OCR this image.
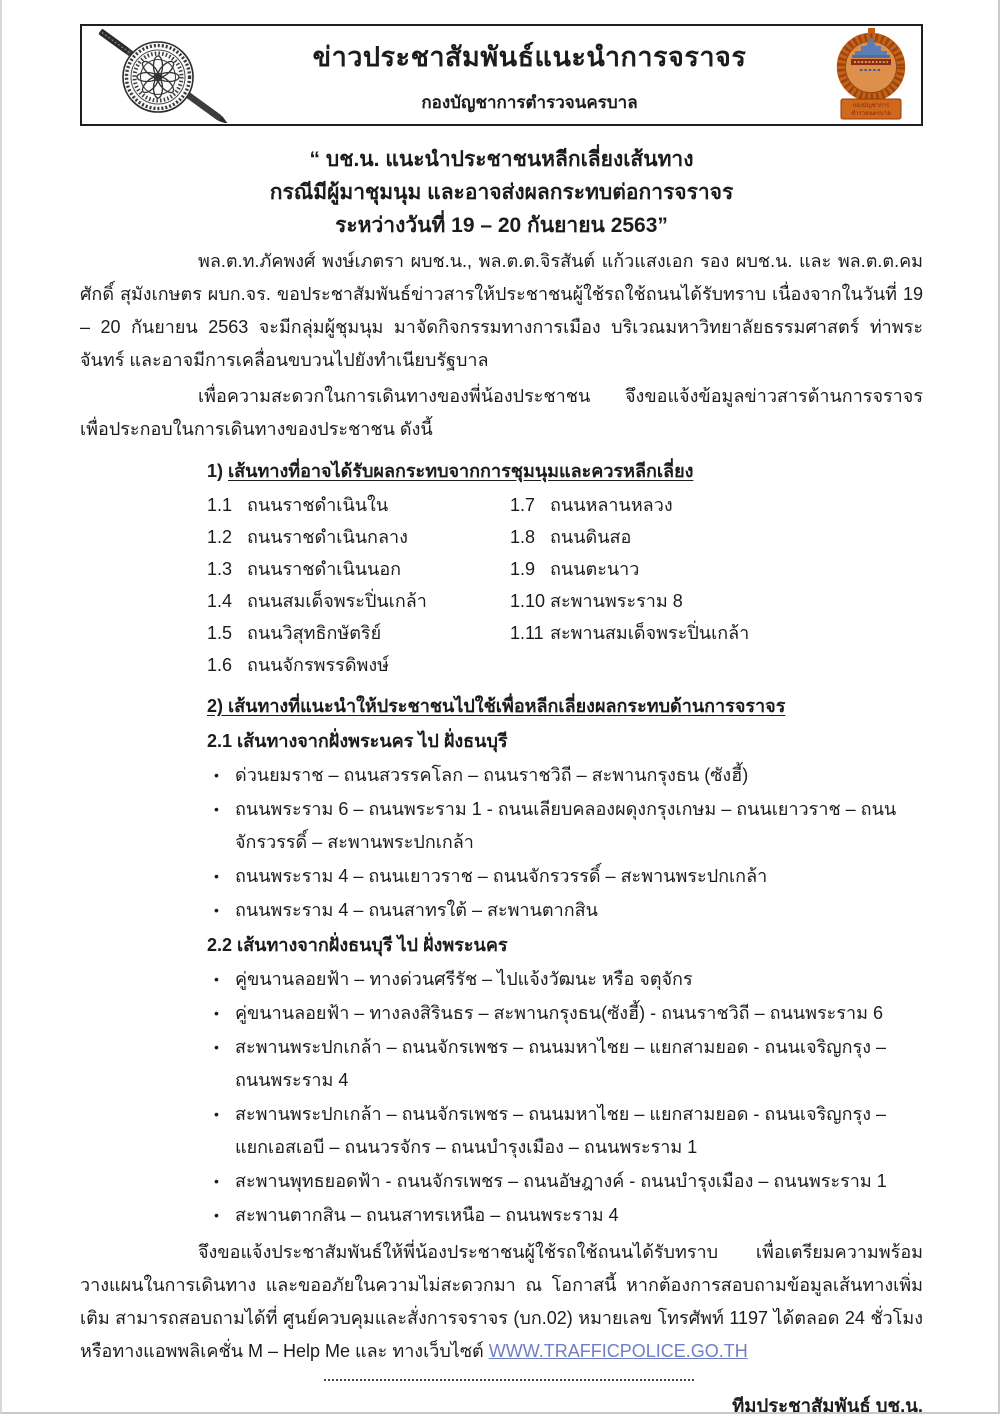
ข่าวประชาสัมพันธ์แนะนำการจราจร
กองบัญชาการตำรวจนครบาล	กองบัญชาการ
ตำรวจนครบาล
“ บช.น. แนะนำประชาชนหลีกเลี่ยงเส้นทาง
กรณีมีผู้มาชุมนุม และอาจส่งผลกระทบต่อการจราจร
ระหว่างวันที่ 19 – 20 กันยายน 2563”

พล.ต.ท.ภัคพงศ์ พงษ์เภตรา ผบช.น., พล.ต.ต.จิรสันต์ แก้วแสงเอก รอง ผบช.น. และ พล.ต.ต.คมศักดิ์ สุมังเกษตร ผบก.จร. ขอประชาสัมพันธ์ข่าวสารให้ประชาชนผู้ใช้รถใช้ถนนได้รับทราบ เนื่องจากในวันที่ 19 – 20 กันยายน 2563 จะมีกลุ่มผู้ชุมนุม มาจัดกิจกรรมทางการเมือง บริเวณมหาวิทยาลัยธรรมศาสตร์ ท่าพระจันทร์ และอาจมีการเคลื่อนขบวนไปยังทำเนียบรัฐบาล

เพื่อความสะดวกในการเดินทางของพี่น้องประชาชน จึงขอแจ้งข้อมูลข่าวสารด้านการจราจร เพื่อประกอบในการเดินทางของประชาชน ดังนี้

1) เส้นทางที่อาจได้รับผลกระทบจากการชุมนุมและควรหลีกเลี่ยง
1.1 ถนนราชดำเนินใน
1.2 ถนนราชดำเนินกลาง
1.3 ถนนราชดำเนินนอก
1.4 ถนนสมเด็จพระปิ่นเกล้า
1.5 ถนนวิสุทธิกษัตริย์
1.6 ถนนจักรพรรดิพงษ์
1.7 ถนนหลานหลวง
1.8 ถนนดินสอ
1.9 ถนนตะนาว
1.10 สะพานพระราม 8
1.11 สะพานสมเด็จพระปิ่นเกล้า
2) เส้นทางที่แนะนำให้ประชาชนไปใช้เพื่อหลีกเลี่ยงผลกระทบด้านการจราจร
2.1 เส้นทางจากฝั่งพระนคร ไป ฝั่งธนบุรี
• ด่วนยมราช – ถนนสวรรคโลก – ถนนราชวิถี – สะพานกรุงธน (ซังฮี้)
• ถนนพระราม 6 – ถนนพระราม 1 - ถนนเลียบคลองผดุงกรุงเกษม – ถนนเยาวราช – ถนนจักรวรรดิ์ – สะพานพระปกเกล้า
• ถนนพระราม 4 – ถนนเยาวราช – ถนนจักรวรรดิ์ – สะพานพระปกเกล้า
• ถนนพระราม 4 – ถนนสาทรใต้ – สะพานตากสิน
2.2 เส้นทางจากฝั่งธนบุรี ไป ฝั่งพระนคร
• คู่ขนานลอยฟ้า – ทางด่วนศรีรัช – ไปแจ้งวัฒนะ หรือ จตุจักร
• คู่ขนานลอยฟ้า – ทางลงสิรินธร – สะพานกรุงธน(ซังฮี้) - ถนนราชวิถี – ถนนพระราม 6
• สะพานพระปกเกล้า – ถนนจักรเพชร – ถนนมหาไชย – แยกสามยอด - ถนนเจริญกรุง – ถนนพระราม 4
• สะพานพระปกเกล้า – ถนนจักรเพชร – ถนนมหาไชย – แยกสามยอด - ถนนเจริญกรุง – แยกเอสเอบี – ถนนวรจักร – ถนนบำรุงเมือง – ถนนพระราม 1
• สะพานพุทธยอดฟ้า - ถนนจักรเพชร – ถนนอัษฎางค์ - ถนนบำรุงเมือง – ถนนพระราม 1
• สะพานตากสิน – ถนนสาทรเหนือ – ถนนพระราม 4

จึงขอแจ้งประชาสัมพันธ์ให้พี่น้องประชาชนผู้ใช้รถใช้ถนนได้รับทราบ เพื่อเตรียมความพร้อมวางแผนในการเดินทาง และขออภัยในความไม่สะดวกมา ณ โอกาสนี้ หากต้องการสอบถามข้อมูลเส้นทางเพิ่มเติม สามารถสอบถามได้ที่ ศูนย์ควบคุมและสั่งการจราจร (บก.02) หมายเลข โทรศัพท์ 1197 ได้ตลอด 24 ชั่วโมง หรือทางแอพพลิเคชั่น M – Help Me และ ทางเว็บไซต์ WWW.TRAFFICPOLICE.GO.TH

ทีมประชาสัมพันธ์ บช.น.
